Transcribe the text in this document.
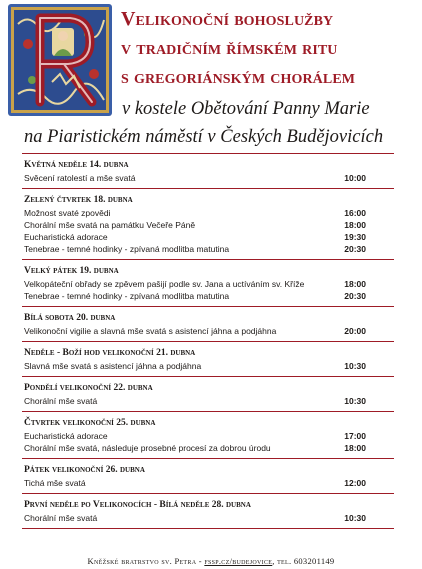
Velikonoční bohoslužby
v tradičním římském ritu
s gregoriánským chorálem
v kostele Obětování Panny Marie
na Piaristickém náměstí v Českých Budějovicích
Květná neděle 14. dubna
Svěcení ratolestí a mše svatá	10:00
Zelený čtvrtek 18. dubna
Možnost svaté zpovědi	16:00
Chorální mše svatá na památku Večeře Páně	18:00
Eucharistická adorace	19:30
Tenebrae - temné hodinky - zpívaná modlitba matutina	20:30
Velký pátek 19. dubna
Velkopáteční obřady se zpěvem pašijí podle sv. Jana a uctíváním sv. Kříže	18:00
Tenebrae - temné hodinky - zpívaná modlitba matutina	20:30
Bílá sobota 20. dubna
Velikonoční vigilie a slavná mše svatá s asistencí jáhna a podjáhna	20:00
Neděle - Boží hod velikonoční 21. dubna
Slavná mše svatá s asistencí jáhna a podjáhna	10:30
Pondělí velikonoční 22. dubna
Chorální mše svatá	10:30
Čtvrtek velikonoční 25. dubna
Eucharistická adorace	17:00
Chorální mše svatá, následuje prosebné procesí za dobrou úrodu	18:00
Pátek velikonoční 26. dubna
Tichá mše svatá	12:00
První neděle po Velikonocích - Bílá neděle 28. dubna
Chorální mše svatá	10:30
Kněžské bratrstvo sv. Petra - fssp.cz/budejovice, tel. 603201149
